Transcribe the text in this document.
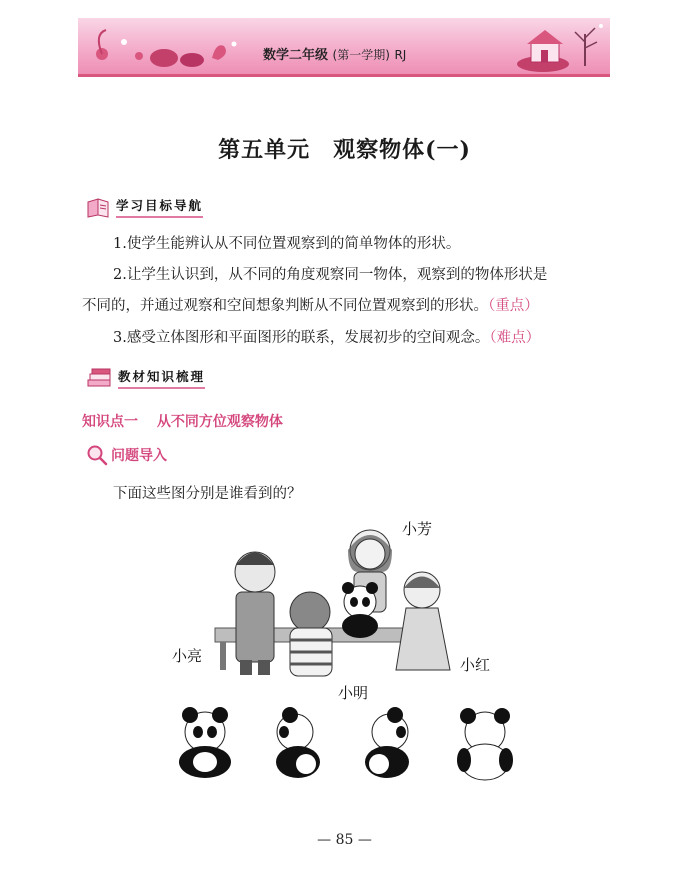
数学二年级 (第一学期) RJ
第五单元　观察物体(一)
学习目标导航
1.使学生能辨认从不同位置观察到的简单物体的形状。
2.让学生认识到，从不同的角度观察同一物体，观察到的物体形状是
不同的，并通过观察和空间想象判断从不同位置观察到的形状。（重点）
3.感受立体图形和平面图形的联系，发展初步的空间观念。（难点）
教材知识梳理
知识点一　 从不同方位观察物体
问题导入
下面这些图分别是谁看到的？
小芳
小亮	小红
小明
— 85 —
